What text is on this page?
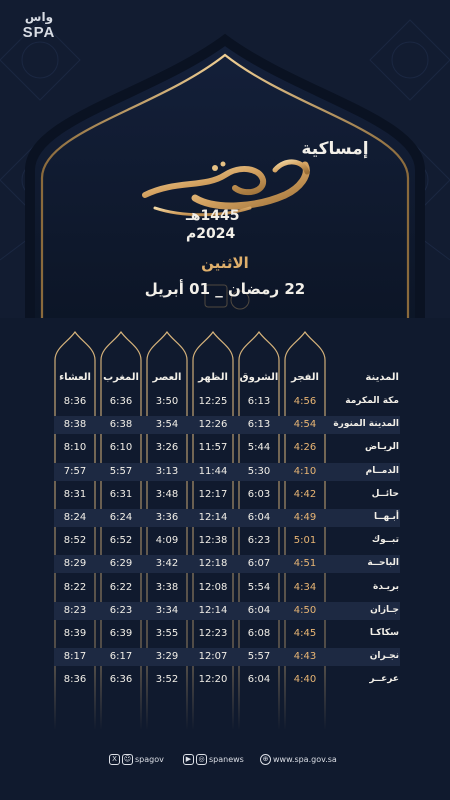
واس
SPA
إمساكية
1445هـ
2024م
الاثنين
22 رمضان _ 01 أبريل
المدينة
الفجر
الشروق
الظهر
العصر
المغرب
العشاء
مكة المكرمة
4:56
6:13
12:25
3:50
6:36
8:36
المدينة المنورة
4:54
6:13
12:26
3:54
6:38
8:38
الريـاض
4:26
5:44
11:57
3:26
6:10
8:10
الدمــام
4:10
5:30
11:44
3:13
5:57
7:57
حائــل
4:42
6:03
12:17
3:48
6:31
8:31
أبـهــا
4:49
6:04
12:14
3:36
6:24
8:24
تبــوك
5:01
6:23
12:38
4:09
6:52
8:52
الباحــة
4:51
6:07
12:18
3:42
6:29
8:29
بريـدة
4:34
5:54
12:08
3:38
6:22
8:22
جـازان
4:50
6:04
12:14
3:34
6:23
8:23
سكاكـا
4:45
6:08
12:23
3:55
6:39
8:39
نجـران
4:43
5:57
12:07
3:29
6:17
8:17
عرعــر
4:40
6:04
12:20
3:52
6:36
8:36
X ☺ spagov	▶ ◎ spanews	⊕ www.spa.gov.sa
